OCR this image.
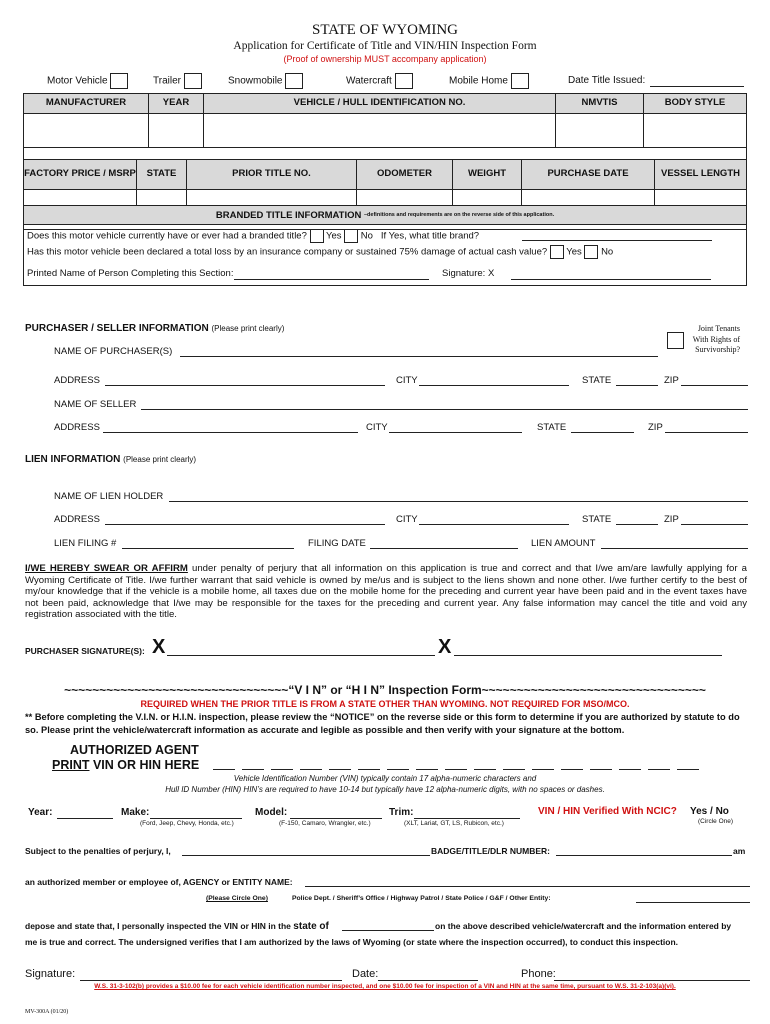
STATE OF WYOMING
Application for Certificate of Title and VIN/HIN Inspection Form
(Proof of ownership MUST accompany application)
Motor Vehicle	Trailer	Snowmobile	Watercraft	Mobile Home	Date Title Issued:
MANUFACTURER	YEAR	VEHICLE / HULL IDENTIFICATION NO.	NMVTIS	BODY STYLE
FACTORY PRICE / MSRP	STATE	PRIOR TITLE NO.	ODOMETER	WEIGHT	PURCHASE DATE	VESSEL LENGTH
BRANDED TITLE INFORMATION
–definitions and requirements are on the reverse side of this application.
Does this motor vehicle currently have or ever had a branded title? Yes No If Yes, what title brand?
Has this motor vehicle been declared a total loss by an insurance company or sustained 75% damage of actual cash value? Yes No
Printed Name of Person Completing this Section:	Signature: X
PURCHASER / SELLER INFORMATION (Please print clearly)	Joint Tenants
With Rights of
Survivorship?
NAME OF PURCHASER(S)
ADDRESS	CITY	STATE	ZIP
NAME OF SELLER
ADDRESS	CITY	STATE	ZIP
LIEN INFORMATION (Please print clearly)
NAME OF LIEN HOLDER
ADDRESS	CITY	STATE	ZIP
LIEN FILING #	FILING DATE	LIEN AMOUNT
I/WE HEREBY SWEAR OR AFFIRM under penalty of perjury that all information on this application is true and correct and that I/we am/are lawfully applying for a Wyoming Certificate of Title. I/we further warrant that said vehicle is owned by me/us and is subject to the liens shown and none other. I/we further certify to the best of my/our knowledge that if the vehicle is a mobile home, all taxes due on the mobile home for the preceding and current year have been paid and in the event taxes have not been paid, acknowledge that I/we may be responsible for the taxes for the preceding and current year. Any false information may cancel the title and void any registration associated with the title.
PURCHASER SIGNATURE(S): X	X
~~~~~~~~~~~~~~~~~~~~~~~~~~~~~~~~“V I N” or “H I N” Inspection Form~~~~~~~~~~~~~~~~~~~~~~~~~~~~~~~~
REQUIRED WHEN THE PRIOR TITLE IS FROM A STATE OTHER THAN WYOMING. NOT REQUIRED FOR MSO/MCO.
** Before completing the V.I.N. or H.I.N. inspection, please review the “NOTICE” on the reverse side or this form to determine if you are authorized by statute to do so. Please print the vehicle/watercraft information as accurate and legible as possible and then verify with your signature at the bottom.
AUTHORIZED AGENT
PRINT VIN OR HIN HERE
Vehicle Identification Number (VIN) typically contain 17 alpha-numeric characters and
Hull ID Number (HIN) HIN’s are required to have 10-14 but typically have 12 alpha-numeric digits, with no spaces or dashes.
Year:	Make:
(Ford, Jeep, Chevy, Honda, etc.)
Model:
(F-150, Camaro, Wrangler, etc.)
Trim:
(XLT, Lariat, GT, LS, Rubicon, etc.)
VIN / HIN Verified With NCIC? Yes / No
(Circle One)
Subject to the penalties of perjury, I,	BADGE/TITLE/DLR NUMBER:	am
an authorized member or employee of, AGENCY or ENTITY NAME:
(Please Circle One)	Police Dept. / Sheriff’s Office / Highway Patrol / State Police / G&F / Other Entity:
depose and state that, I personally inspected the VIN or HIN in the state of	on the above described vehicle/watercraft and the information entered by
me is true and correct. The undersigned verifies that I am authorized by the laws of Wyoming (or state where the inspection occurred), to conduct this inspection.
Signature:	Date:	Phone:
W.S. 31-3-102(b) provides a $10.00 fee for each vehicle identification number inspected, and one $10.00 fee for inspection of a VIN and HIN at the same time, pursuant to W.S. 31-2-103(a)(vi).
MV-300A (01/20)
